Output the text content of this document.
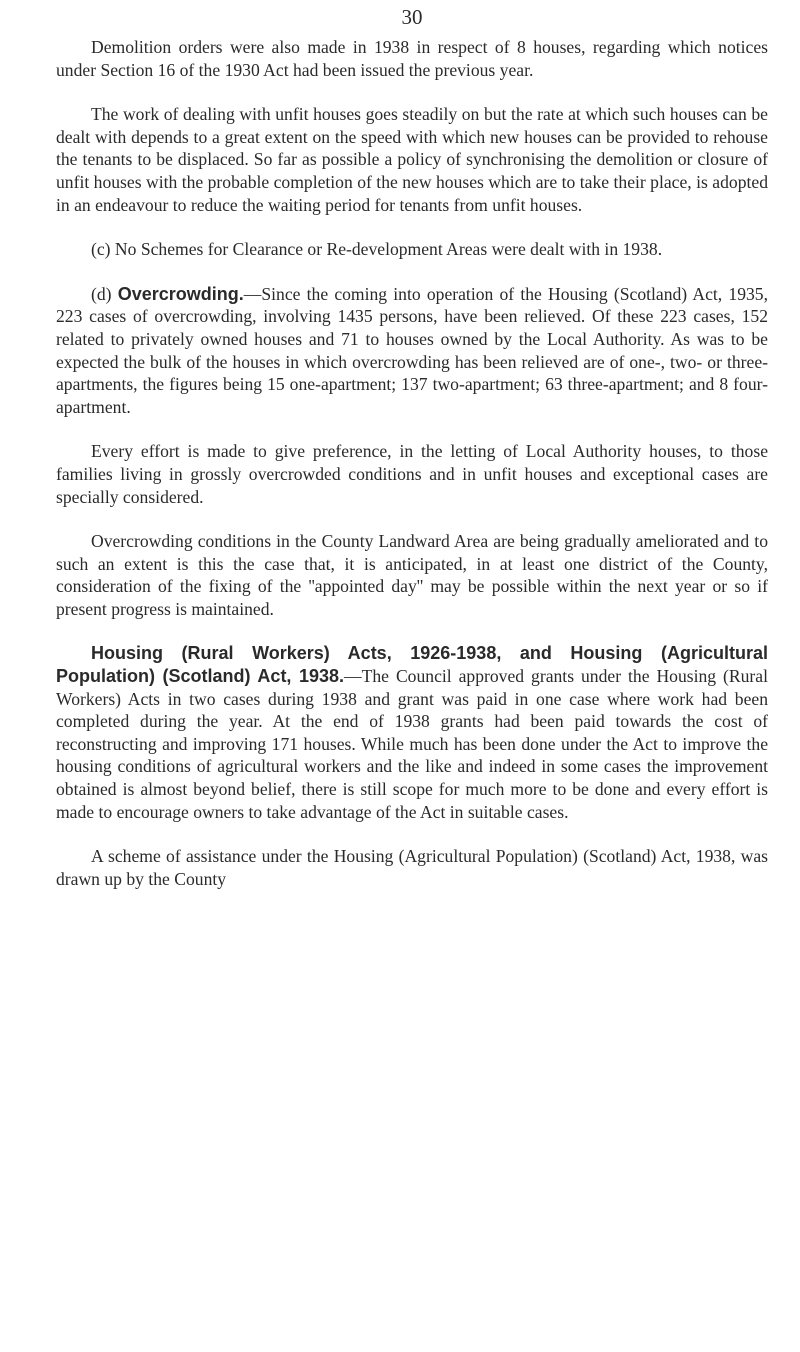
30

Demolition orders were also made in 1938 in respect of 8 houses, regarding which notices under Section 16 of the 1930 Act had been issued the previous year.

The work of dealing with unfit houses goes steadily on but the rate at which such houses can be dealt with depends to a great extent on the speed with which new houses can be provided to rehouse the tenants to be displaced. So far as possible a policy of synchronising the demolition or closure of unfit houses with the probable completion of the new houses which are to take their place, is adopted in an endeavour to reduce the waiting period for tenants from unfit houses.

(c) No Schemes for Clearance or Re-development Areas were dealt with in 1938.

(d) Overcrowding.—Since the coming into operation of the Housing (Scotland) Act, 1935, 223 cases of overcrowding, involving 1435 persons, have been relieved. Of these 223 cases, 152 related to privately owned houses and 71 to houses owned by the Local Authority. As was to be expected the bulk of the houses in which overcrowding has been relieved are of one-, two- or three-apartments, the figures being 15 one-apartment; 137 two-apartment; 63 three-apartment; and 8 four-apartment.

Every effort is made to give preference, in the letting of Local Authority houses, to those families living in grossly overcrowded conditions and in unfit houses and exceptional cases are specially considered.

Overcrowding conditions in the County Landward Area are being gradually ameliorated and to such an extent is this the case that, it is anticipated, in at least one district of the County, consideration of the fixing of the ''appointed day'' may be possible within the next year or so if present progress is maintained.

Housing (Rural Workers) Acts, 1926-1938, and Housing (Agricultural Population) (Scotland) Act, 1938.—The Council approved grants under the Housing (Rural Workers) Acts in two cases during 1938 and grant was paid in one case where work had been completed during the year. At the end of 1938 grants had been paid towards the cost of reconstructing and improving 171 houses. While much has been done under the Act to improve the housing conditions of agricultural workers and the like and indeed in some cases the improvement obtained is almost beyond belief, there is still scope for much more to be done and every effort is made to encourage owners to take advantage of the Act in suitable cases.

A scheme of assistance under the Housing (Agricultural Population) (Scotland) Act, 1938, was drawn up by the County
